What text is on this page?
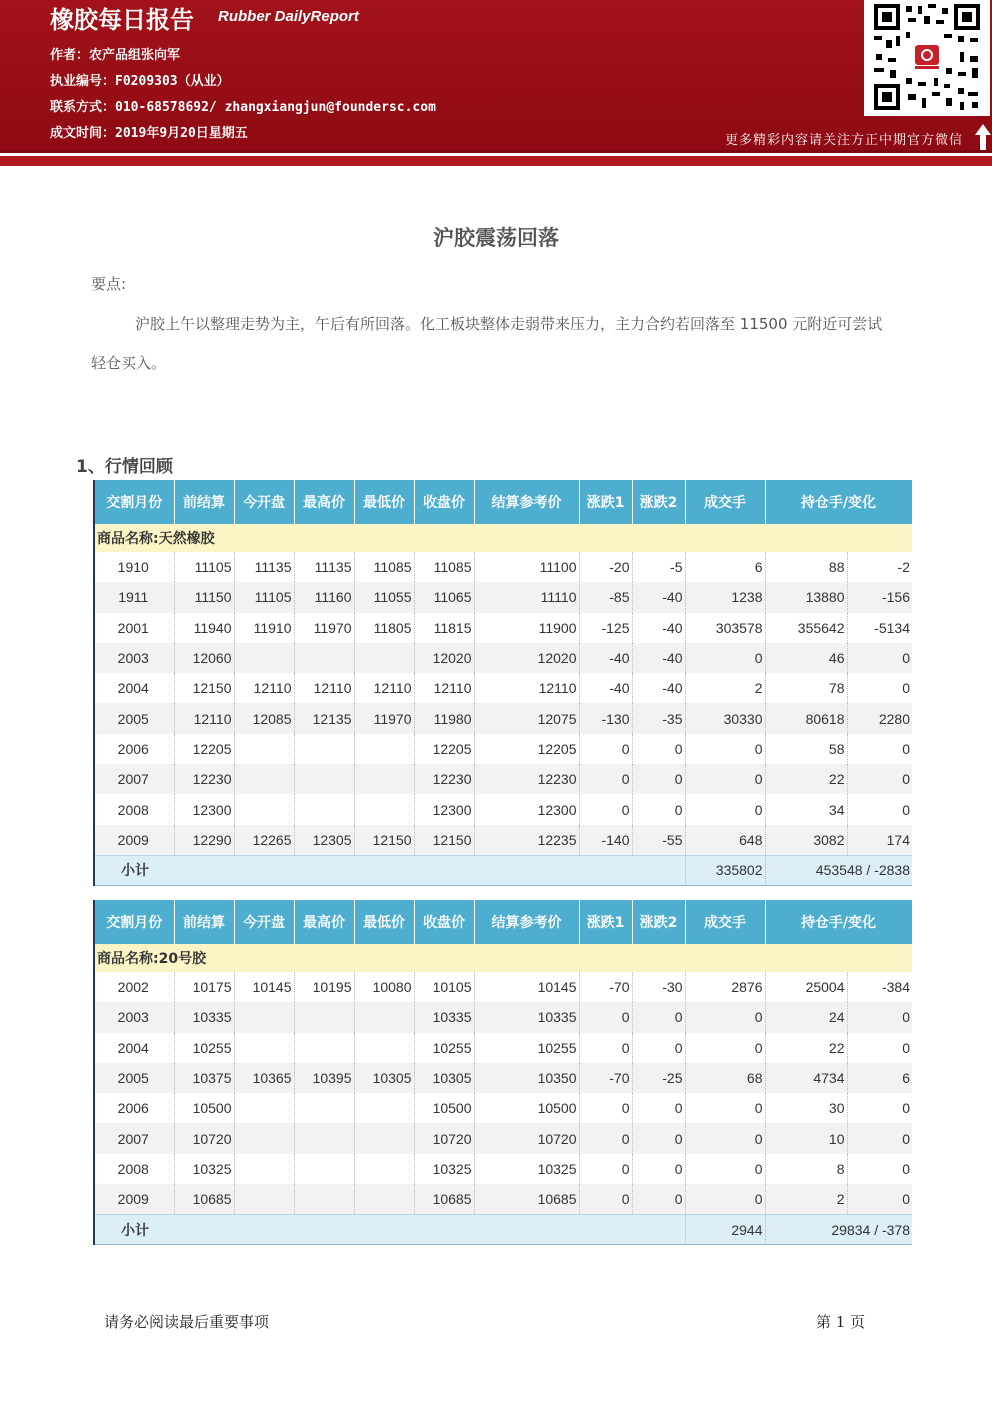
橡胶每日报告 Rubber DailyReport
作者：农产品组张向军
执业编号：F0209303（从业）
联系方式：010-68578692/ zhangxiangjun@foundersc.com
成文时间：2019年9月20日星期五	更多精彩内容请关注方正中期官方微信
沪胶震荡回落
要点:
沪胶上午以整理走势为主，午后有所回落。化工板块整体走弱带来压力，主力合约若回落至 11500 元附近可尝试轻仓买入。
1、行情回顾
交割月份	前结算	今开盘	最高价	最低价	收盘价	结算参考价	涨跌1	涨跌2	成交手	持仓手/变化	
商品名称:天然橡胶											
1910	11105	11135	11135	11085	11085	11100	-20	-5	6	88	-2
1911	11150	11105	11160	11055	11065	11110	-85	-40	1238	13880	-156
2001	11940	11910	11970	11805	11815	11900	-125	-40	303578	355642	-5134
2003	12060				12020	12020	-40	-40	0	46	0
2004	12150	12110	12110	12110	12110	12110	-40	-40	2	78	0
2005	12110	12085	12135	11970	11980	12075	-130	-35	30330	80618	2280
2006	12205				12205	12205	0	0	0	58	0
2007	12230				12230	12230	0	0	0	22	0
2008	12300				12300	12300	0	0	0	34	0
2009	12290	12265	12305	12150	12150	12235	-140	-55	648	3082	174
小计									335802	453548 / -2838	
交割月份	前结算	今开盘	最高价	最低价	收盘价	结算参考价	涨跌1	涨跌2	成交手	持仓手/变化	
商品名称:20号胶											
2002	10175	10145	10195	10080	10105	10145	-70	-30	2876	25004	-384
2003	10335				10335	10335	0	0	0	24	0
2004	10255				10255	10255	0	0	0	22	0
2005	10375	10365	10395	10305	10305	10350	-70	-25	68	4734	6
2006	10500				10500	10500	0	0	0	30	0
2007	10720				10720	10720	0	0	0	10	0
2008	10325				10325	10325	0	0	0	8	0
2009	10685				10685	10685	0	0	0	2	0
小计									2944	29834 / -378	
请务必阅读最后重要事项	第 1 页
